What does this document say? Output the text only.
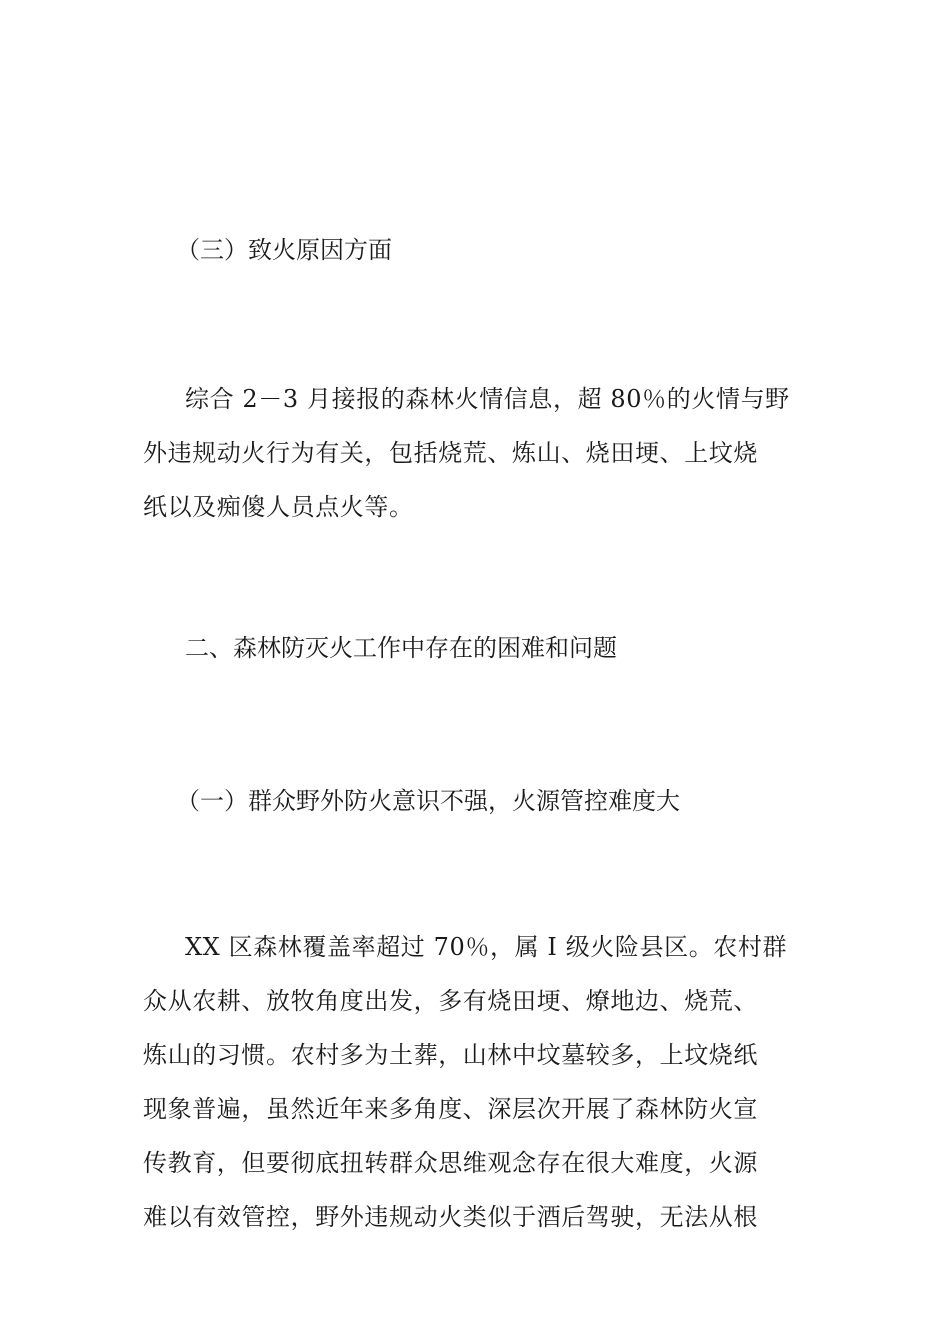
（三）致火原因方面

综合 2－3 月接报的森林火情信息，超 80％的火情与野
外违规动火行为有关，包括烧荒、炼山、烧田埂、上坟烧
纸以及痴傻人员点火等。

二、森林防灭火工作中存在的困难和问题
（一）群众野外防火意识不强，火源管控难度大

XX 区森林覆盖率超过 70％，属 I 级火险县区。农村群
众从农耕、放牧角度出发，多有烧田埂、燎地边、烧荒、
炼山的习惯。农村多为土葬，山林中坟墓较多，上坟烧纸
现象普遍，虽然近年来多角度、深层次开展了森林防火宣
传教育，但要彻底扭转群众思维观念存在很大难度，火源
难以有效管控，野外违规动火类似于酒后驾驶，无法从根
